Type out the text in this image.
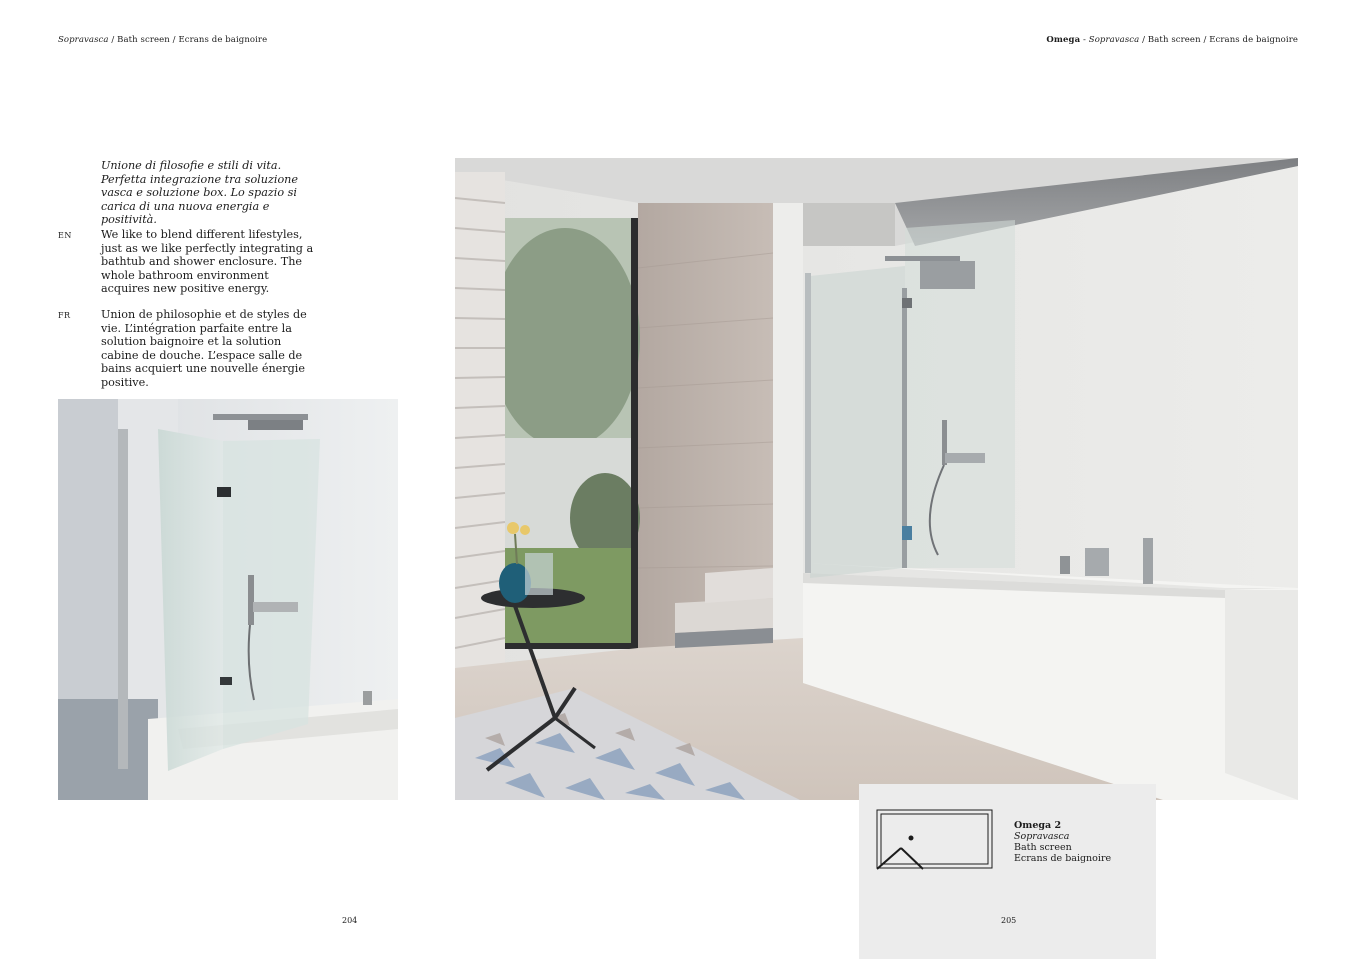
Sopravasca / Bath screen / Ecrans de baignoire	Omega - Sopravasca / Bath screen / Ecrans de baignoire
Unione di filosofie e stili di vita. Perfetta integrazione tra soluzione vasca e soluzione box. Lo spazio si carica di una nuova energia e positività.
EN	We like to blend different lifestyles, just as we like perfectly integrating a bathtub and shower enclosure. The whole bathroom environment acquires new positive energy.
FR	Union de philosophie et de styles de vie. L’intégration parfaite entre la solution baignoire et la solution cabine de douche. L’espace salle de bains acquiert une nouvelle énergie positive.
Omega 2
Sopravasca
Bath screen
Ecrans de baignoire
204	205
